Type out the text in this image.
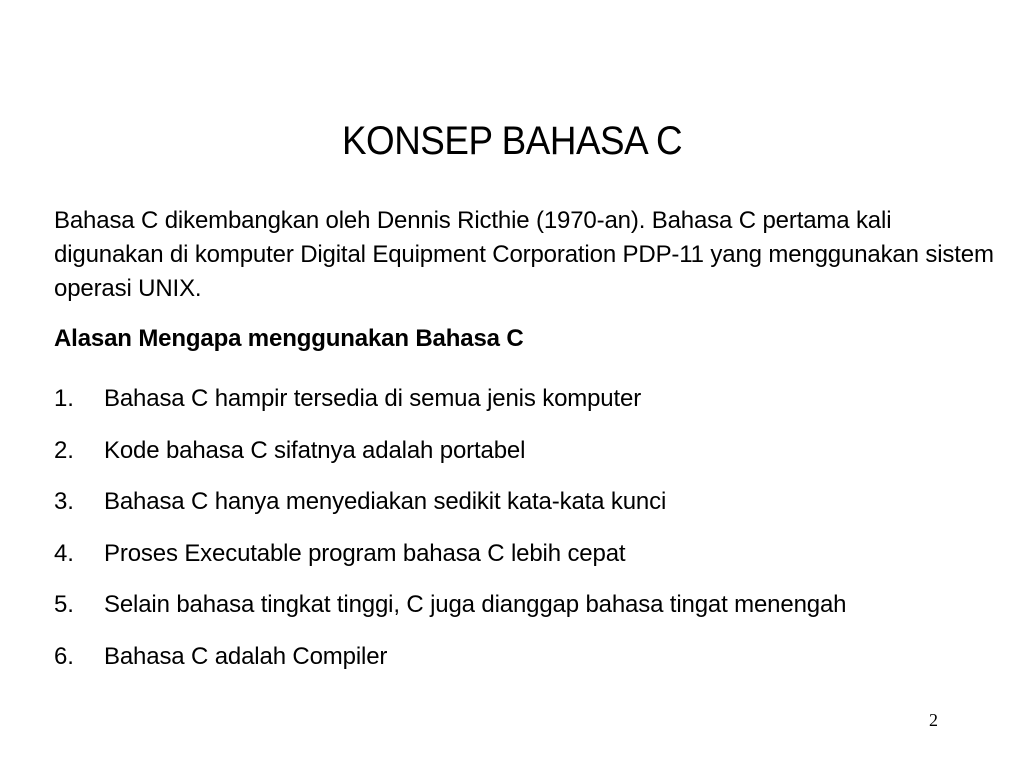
KONSEP BAHASA C

Bahasa C dikembangkan oleh Dennis Ricthie (1970-an). Bahasa C pertama kali digunakan di komputer Digital Equipment Corporation PDP-11 yang menggunakan sistem operasi UNIX.

Alasan Mengapa menggunakan Bahasa C
1.	Bahasa C hampir tersedia di semua jenis komputer
2.	Kode bahasa C sifatnya adalah portabel
3.	Bahasa C hanya menyediakan sedikit kata-kata kunci
4.	Proses Executable program bahasa C lebih cepat
5.	Selain bahasa tingkat tinggi, C juga dianggap bahasa tingat menengah
6.	Bahasa C adalah Compiler
2
